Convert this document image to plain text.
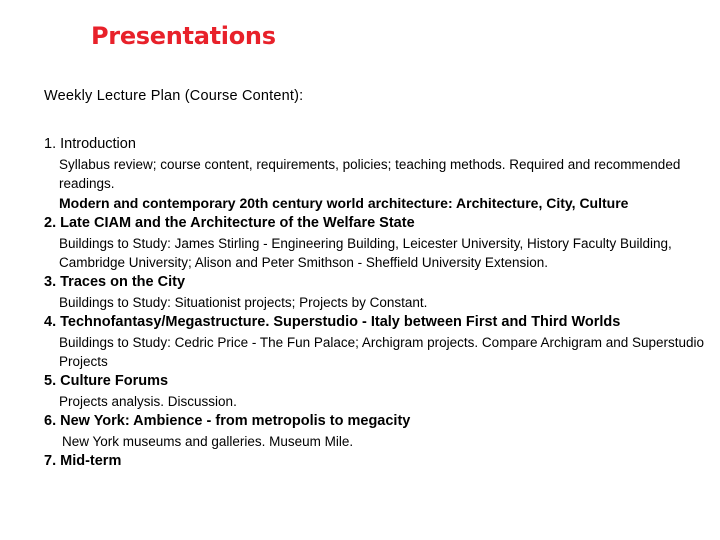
Presentations
Weekly Lecture Plan (Course Content):
1. Introduction
Syllabus review; course content, requirements, policies; teaching methods. Required and recommended readings.
Modern and contemporary 20th century world architecture: Architecture, City, Culture
2. Late CIAM and the Architecture of the Welfare State
Buildings to Study: James Stirling - Engineering Building, Leicester University, History Faculty Building, Cambridge University; Alison and Peter Smithson - Sheffield University Extension.
3. Traces on the City
Buildings to Study: Situationist projects; Projects by Constant.
4. Technofantasy/Megastructure. Superstudio - Italy between First and Third Worlds
Buildings to Study: Cedric Price - The Fun Palace; Archigram projects. Compare Archigram and Superstudio Projects
5. Culture Forums
Projects analysis. Discussion.
6. New York: Ambience - from metropolis to megacity
New York museums and galleries. Museum Mile.
7. Mid-term
